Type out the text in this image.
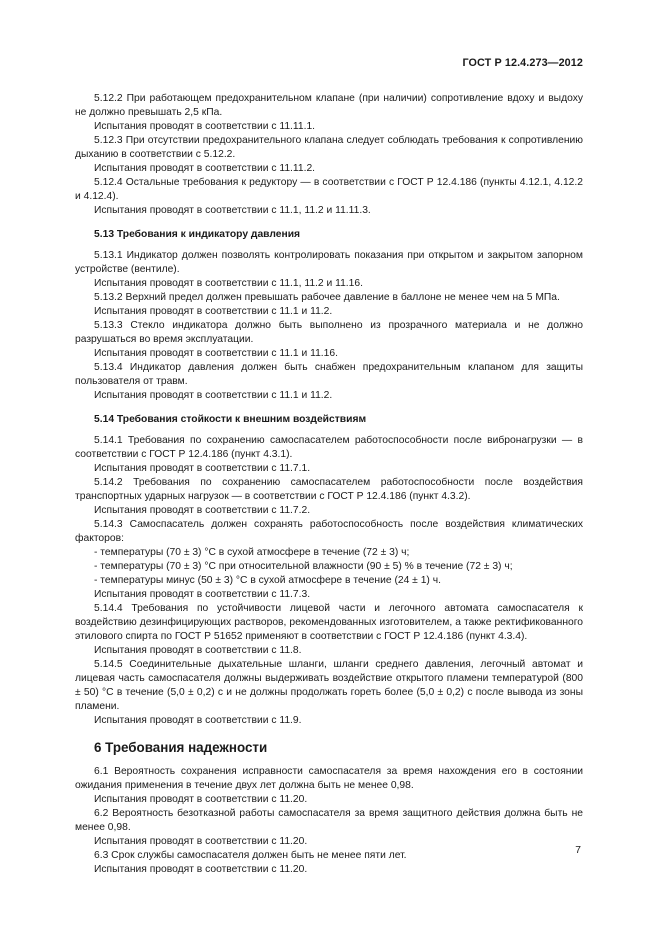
ГОСТ Р 12.4.273—2012

5.12.2 При работающем предохранительном клапане (при наличии) сопротивление вдоху и выдоху не должно превышать 2,5 кПа.

Испытания проводят в соответствии с 11.11.1.

5.12.3 При отсутствии предохранительного клапана следует соблюдать требования к сопротивлению дыханию в соответствии с 5.12.2.

Испытания проводят в соответствии с 11.11.2.

5.12.4 Остальные требования к редуктору — в соответствии с ГОСТ Р 12.4.186 (пункты 4.12.1, 4.12.2 и 4.12.4).

Испытания проводят в соответствии с 11.1, 11.2 и 11.11.3.

5.13 Требования к индикатору давления

5.13.1 Индикатор должен позволять контролировать показания при открытом и закрытом запорном устройстве (вентиле).

Испытания проводят в соответствии с 11.1, 11.2 и 11.16.

5.13.2 Верхний предел должен превышать рабочее давление в баллоне не менее чем на 5 МПа.

Испытания проводят в соответствии с 11.1 и 11.2.

5.13.3 Стекло индикатора должно быть выполнено из прозрачного материала и не должно разрушаться во время эксплуатации.

Испытания проводят в соответствии с 11.1 и 11.16.

5.13.4 Индикатор давления должен быть снабжен предохранительным клапаном для защиты пользователя от травм.

Испытания проводят в соответствии с 11.1 и 11.2.

5.14 Требования стойкости к внешним воздействиям

5.14.1 Требования по сохранению самоспасателем работоспособности после вибронагрузки — в соответствии с ГОСТ Р 12.4.186 (пункт 4.3.1).

Испытания проводят в соответствии с 11.7.1.

5.14.2 Требования по сохранению самоспасателем работоспособности после воздействия транспортных ударных нагрузок — в соответствии с ГОСТ Р 12.4.186 (пункт 4.3.2).

Испытания проводят в соответствии с 11.7.2.

5.14.3 Самоспасатель должен сохранять работоспособность после воздействия климатических факторов:

- температуры (70 ± 3) °С в сухой атмосфере в течение (72 ± 3) ч;

- температуры (70 ± 3) °С при относительной влажности (90 ± 5) % в течение (72 ± 3) ч;

- температуры минус (50 ± 3) °С в сухой атмосфере в течение (24 ± 1) ч.

Испытания проводят в соответствии с 11.7.3.

5.14.4 Требования по устойчивости лицевой части и легочного автомата самоспасателя к воздействию дезинфицирующих растворов, рекомендованных изготовителем, а также ректификованного этилового спирта по ГОСТ Р 51652 применяют в соответствии с ГОСТ Р 12.4.186 (пункт 4.3.4).

Испытания проводят в соответствии с 11.8.

5.14.5 Соединительные дыхательные шланги, шланги среднего давления, легочный автомат и лицевая часть самоспасателя должны выдерживать воздействие открытого пламени температурой (800 ± 50) °С в течение (5,0 ± 0,2) с и не должны продолжать гореть более (5,0 ± 0,2) с после вывода из зоны пламени.

Испытания проводят в соответствии с 11.9.

6 Требования надежности

6.1 Вероятность сохранения исправности самоспасателя за время нахождения его в состоянии ожидания применения в течение двух лет должна быть не менее 0,98.

Испытания проводят в соответствии с 11.20.

6.2 Вероятность безотказной работы самоспасателя за время защитного действия должна быть не менее 0,98.

Испытания проводят в соответствии с 11.20.

6.3 Срок службы самоспасателя должен быть не менее пяти лет.

Испытания проводят в соответствии с 11.20.

7
